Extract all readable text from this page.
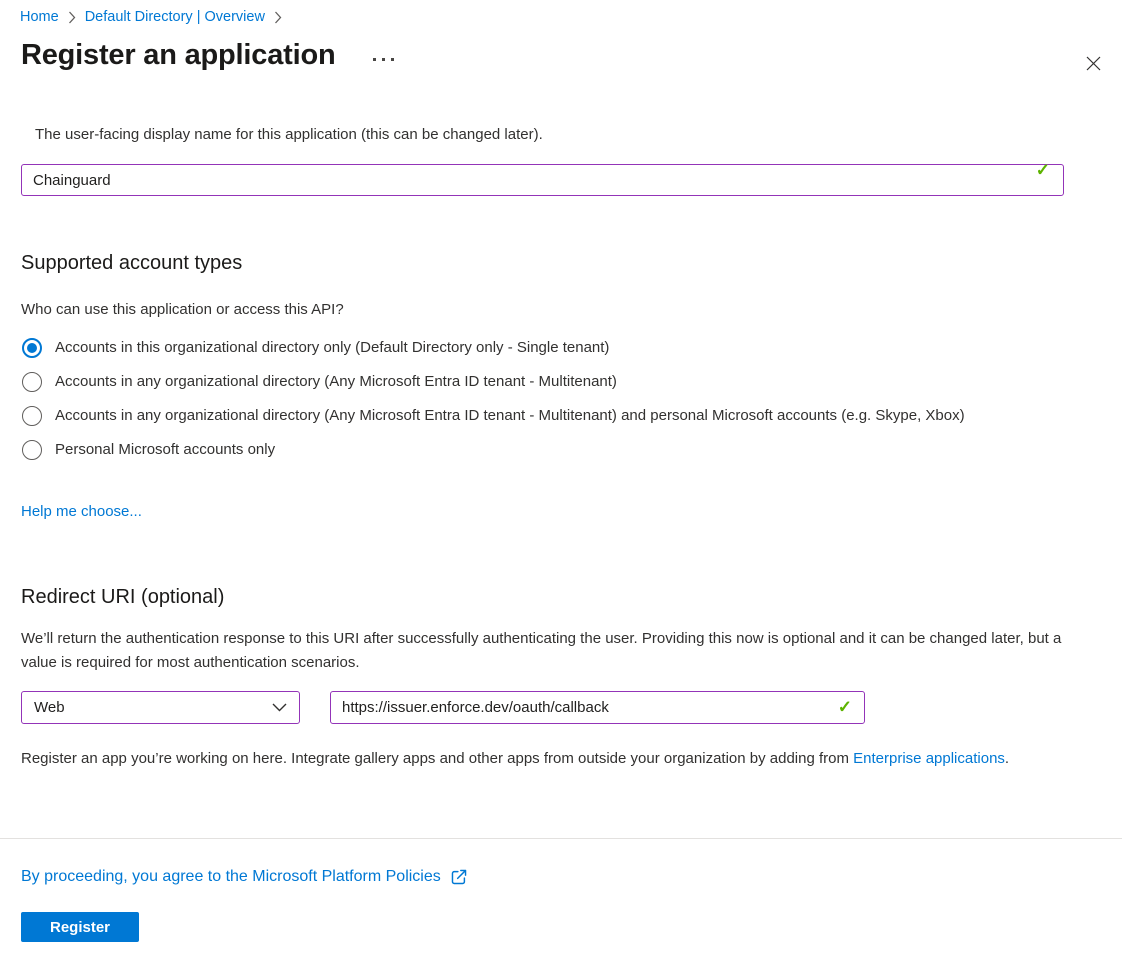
Home Default Directory | Overview
Register an application

The user-facing display name for this application (this can be changed later).

Chainguard
✓
Supported account types

Who can use this application or access this API?

Accounts in this organizational directory only (Default Directory only - Single tenant)
Accounts in any organizational directory (Any Microsoft Entra ID tenant - Multitenant)
Accounts in any organizational directory (Any Microsoft Entra ID tenant - Multitenant) and personal Microsoft accounts (e.g. Skype, Xbox)
Personal Microsoft accounts only
Help me choose...
Redirect URI (optional)

We’ll return the authentication response to this URI after successfully authenticating the user. Providing this now is optional and it can be changed later, but a value is required for most authentication scenarios.

Web
https://issuer.enforce.dev/oauth/callback	✓

Register an app you’re working on here. Integrate gallery apps and other apps from outside your organization by adding from Enterprise applications.

By proceeding, you agree to the Microsoft Platform Policies
Register
